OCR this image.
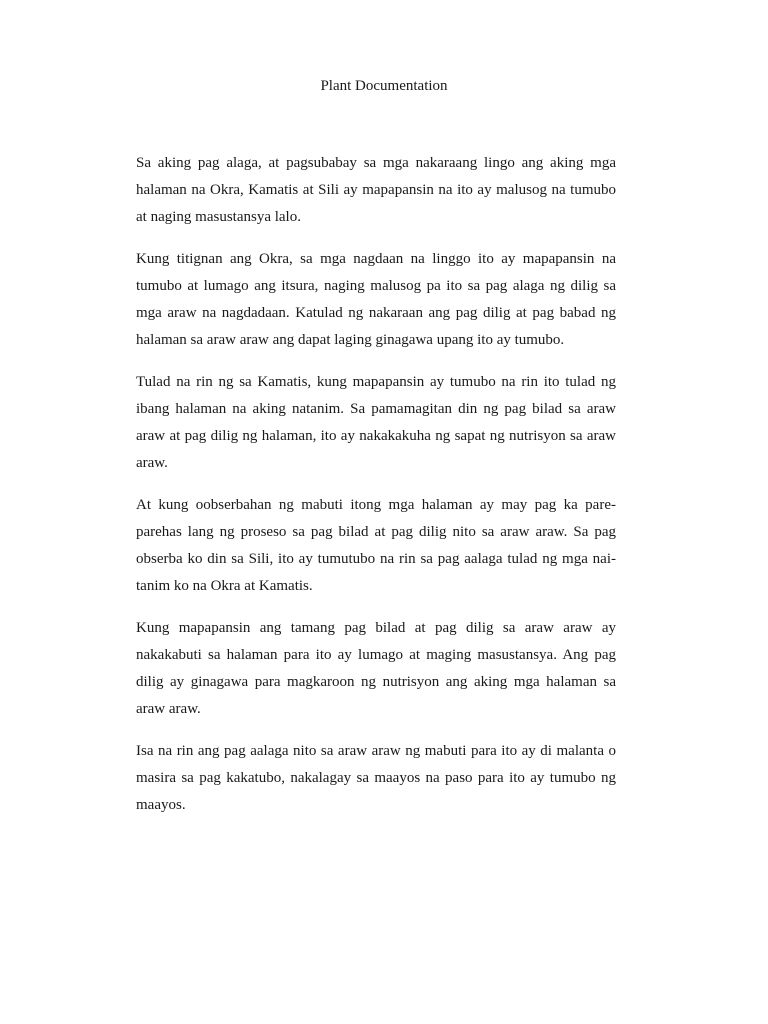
Plant Documentation

Sa aking pag alaga, at pagsubabay sa mga nakaraang lingo ang aking mga halaman na Okra, Kamatis at Sili ay mapapansin na ito ay malusog na tumubo at naging masustansya lalo.

Kung titignan ang Okra, sa mga nagdaan na linggo ito ay mapapansin na tumubo at lumago ang itsura, naging malusog pa ito sa pag alaga ng dilig sa mga araw na nagdadaan. Katulad ng nakaraan ang pag dilig at pag babad ng halaman sa araw araw ang dapat laging ginagawa upang ito ay tumubo.

Tulad na rin ng sa Kamatis, kung mapapansin ay tumubo na rin ito tulad ng ibang halaman na aking natanim. Sa pamamagitan din ng pag bilad sa araw araw at pag dilig ng halaman, ito ay nakakakuha ng sapat ng nutrisyon sa araw araw.

At kung oobserbahan ng mabuti itong mga halaman ay may pag ka pare-parehas lang ng proseso sa pag bilad at pag dilig nito sa araw araw. Sa pag obserba ko din sa Sili, ito ay tumutubo na rin sa pag aalaga tulad ng mga nai-tanim ko na Okra at Kamatis.

Kung mapapansin ang tamang pag bilad at pag dilig sa araw araw ay nakakabuti sa halaman para ito ay lumago at maging masustansya. Ang pag dilig ay ginagawa para magkaroon ng nutrisyon ang aking mga halaman sa araw araw.

Isa na rin ang pag aalaga nito sa araw araw ng mabuti para ito ay di malanta o masira sa pag kakatubo, nakalagay sa maayos na paso para ito ay tumubo ng maayos.
